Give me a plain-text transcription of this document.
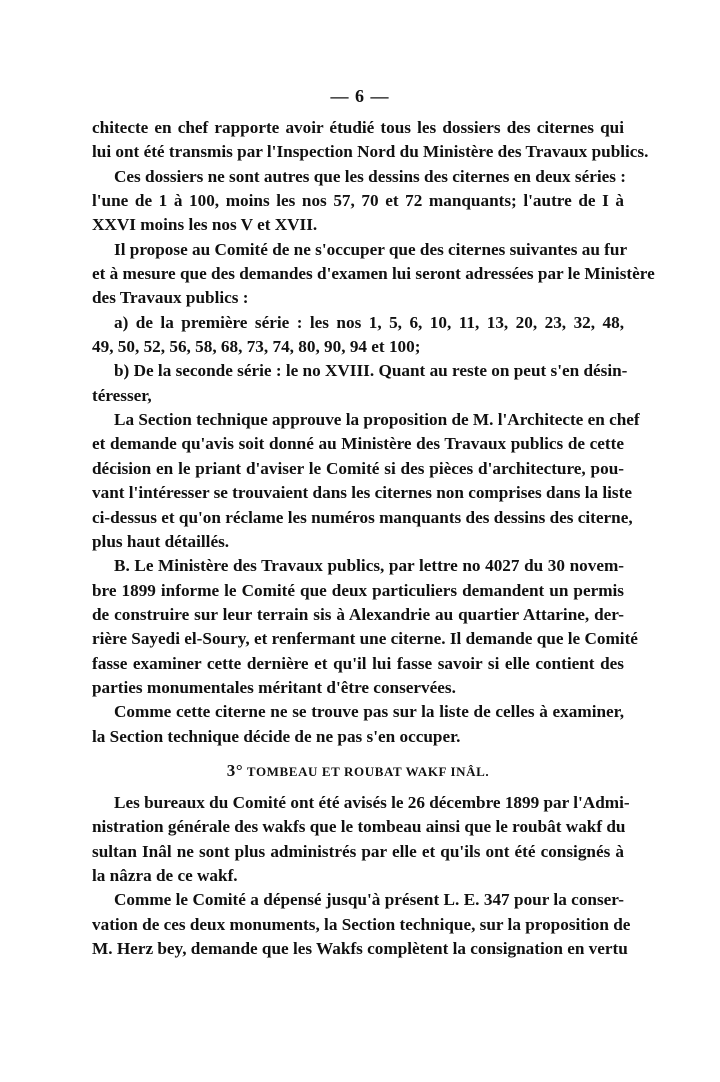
— 6 —
chitecte en chef rapporte avoir étudié tous les dossiers des citernes qui
lui ont été transmis par l'Inspection Nord du Ministère des Travaux publics.
Ces dossiers ne sont autres que les dessins des citernes en deux séries :
l'une de 1 à 100, moins les nos 57, 70 et 72 manquants; l'autre de I à
XXVI moins les nos V et XVII.
Il propose au Comité de ne s'occuper que des citernes suivantes au fur
et à mesure que des demandes d'examen lui seront adressées par le Ministère
des Travaux publics :
a) de la première série : les nos 1, 5, 6, 10, 11, 13, 20, 23, 32, 48,
49, 50, 52, 56, 58, 68, 73, 74, 80, 90, 94 et 100;
b) De la seconde série : le no XVIII. Quant au reste on peut s'en désin-
téresser,
La Section technique approuve la proposition de M. l'Architecte en chef
et demande qu'avis soit donné au Ministère des Travaux publics de cette
décision en le priant d'aviser le Comité si des pièces d'architecture, pou-
vant l'intéresser se trouvaient dans les citernes non comprises dans la liste
ci-dessus et qu'on réclame les numéros manquants des dessins des citerne,
plus haut détaillés.
B. Le Ministère des Travaux publics, par lettre no 4027 du 30 novem-
bre 1899 informe le Comité que deux particuliers demandent un permis
de construire sur leur terrain sis à Alexandrie au quartier Attarine, der-
rière Sayedi el-Soury, et renfermant une citerne. Il demande que le Comité
fasse examiner cette dernière et qu'il lui fasse savoir si elle contient des
parties monumentales méritant d'être conservées.
Comme cette citerne ne se trouve pas sur la liste de celles à examiner,
la Section technique décide de ne pas s'en occuper.
3° TOMBEAU ET ROUBAT WAKF INÂL.
Les bureaux du Comité ont été avisés le 26 décembre 1899 par l'Admi-
nistration générale des wakfs que le tombeau ainsi que le roubât wakf du
sultan Inâl ne sont plus administrés par elle et qu'ils ont été consignés à
la nâzra de ce wakf.
Comme le Comité a dépensé jusqu'à présent L. E. 347 pour la conser-
vation de ces deux monuments, la Section technique, sur la proposition de
M. Herz bey, demande que les Wakfs complètent la consignation en vertu
